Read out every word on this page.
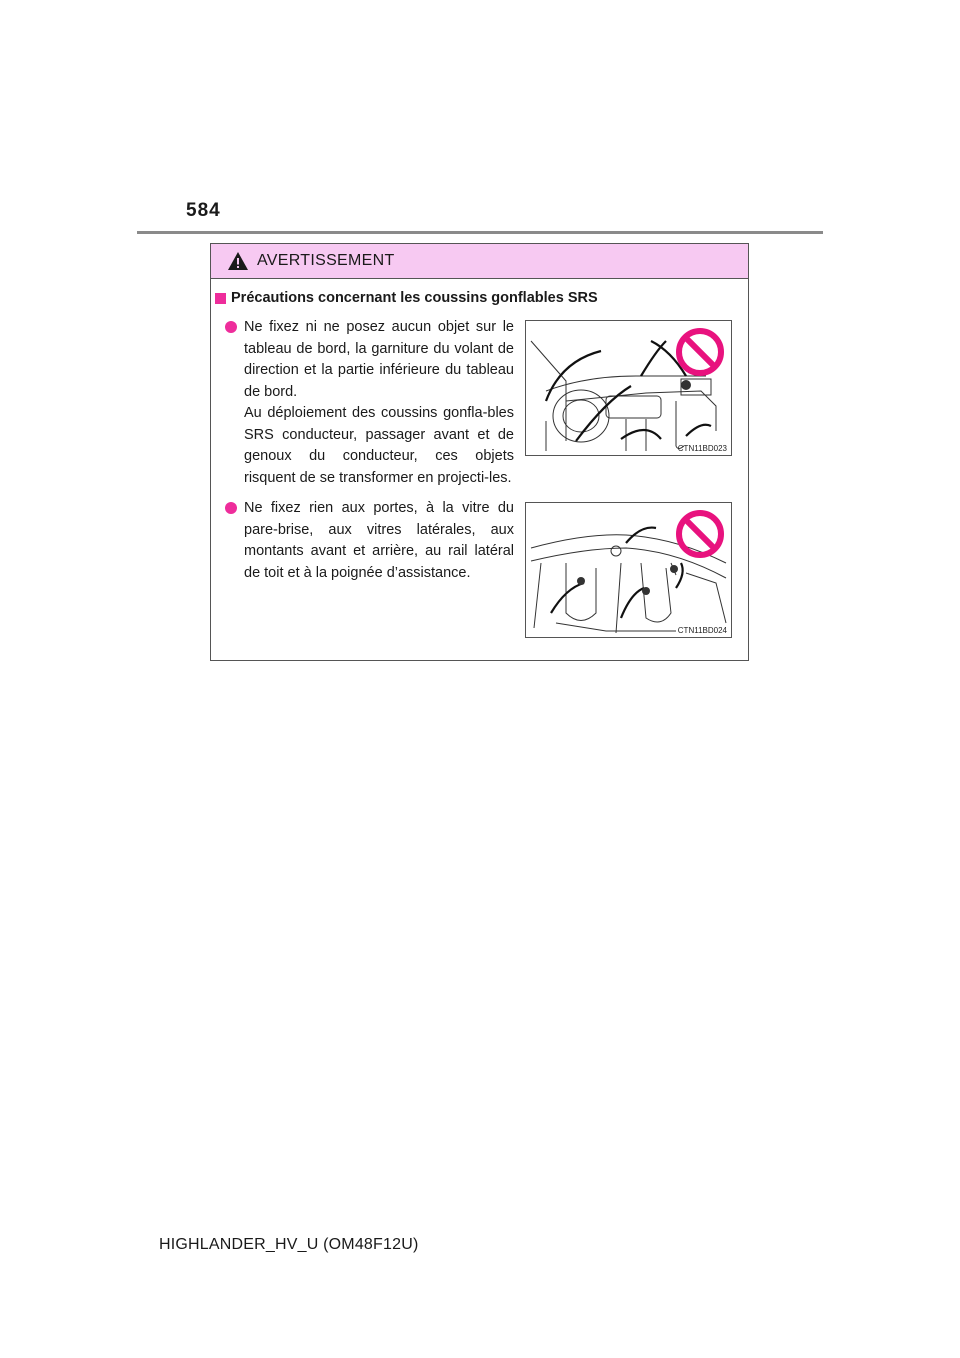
584
AVERTISSEMENT
Précautions concernant les coussins gonflables SRS
Ne fixez ni ne posez aucun objet sur le tableau de bord, la garniture du volant de direction et la partie inférieure du tableau de bord.
Au déploiement des coussins gonfla-bles SRS conducteur, passager avant et de genoux du conducteur, ces objets risquent de se transformer en projecti-les.
CTN11BD023
Ne fixez rien aux portes, à la vitre du pare-brise, aux vitres latérales, aux montants avant et arrière, au rail latéral de toit et à la poignée d’assistance.
CTN11BD024
HIGHLANDER_HV_U (OM48F12U)
